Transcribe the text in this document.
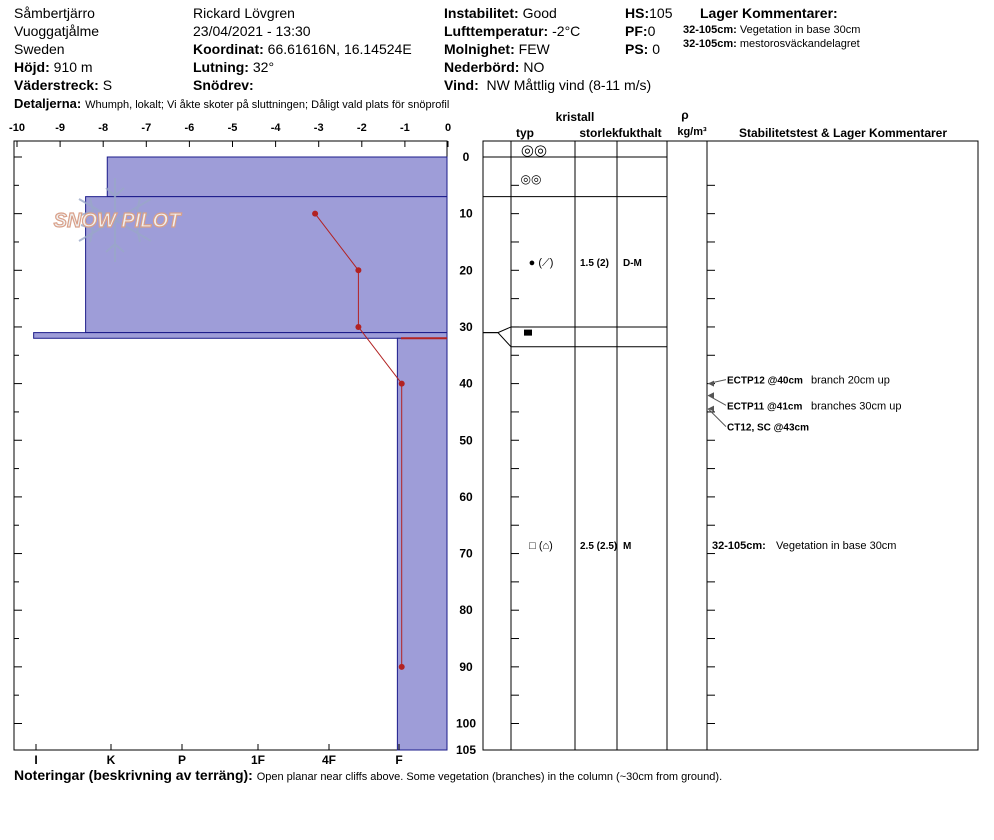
Såmbertjärro
Vuoggatjålme
Sweden
Höjd: 910 m
Väderstreck: S
Rickard Lövgren
23/04/2021 - 13:30
Koordinat: 66.61616N, 16.14524E
Lutning: 32°
Snödrev:
Instabilitet: Good
Lufttemperatur: -2°C
Molnighet: FEW
Nederbörd: NO
Vind: NW Måttlig vind (8-11 m/s)
HS:105
PF:0
PS: 0
Lager Kommentarer:
32-105cm: Vegetation in base 30cm
32-105cm: mestorosväckandelagret
Detaljerna: Whumph, lokalt; Vi åkte skoter på sluttningen; Dåligt vald plats för snöprofil
Noteringar (beskrivning av terräng): Open planar near cliffs above. Some vegetation (branches) in the column (~30cm from ground).
SNOW PILOT
-10	-9	-8	-7	-6	-5	-4	-3	-2	-1	0
I	K	P	1F	4F	F
0
10
20
30
40
50
60
70
80
90
100
105
kristall
typ	storlek fukthalt
ρ
kg/m³	Stabilitetstest & Lager Kommentarer
◎◎
◎◎
● (⟋)	1.5 (2) D-M
□ (⌂)	2.5 (2.5) M
ECTP12 @40cm branch 20cm up
ECTP11 @41cm branches 30cm up
CT12, SC @43cm
32-105cm: Vegetation in base 30cm
